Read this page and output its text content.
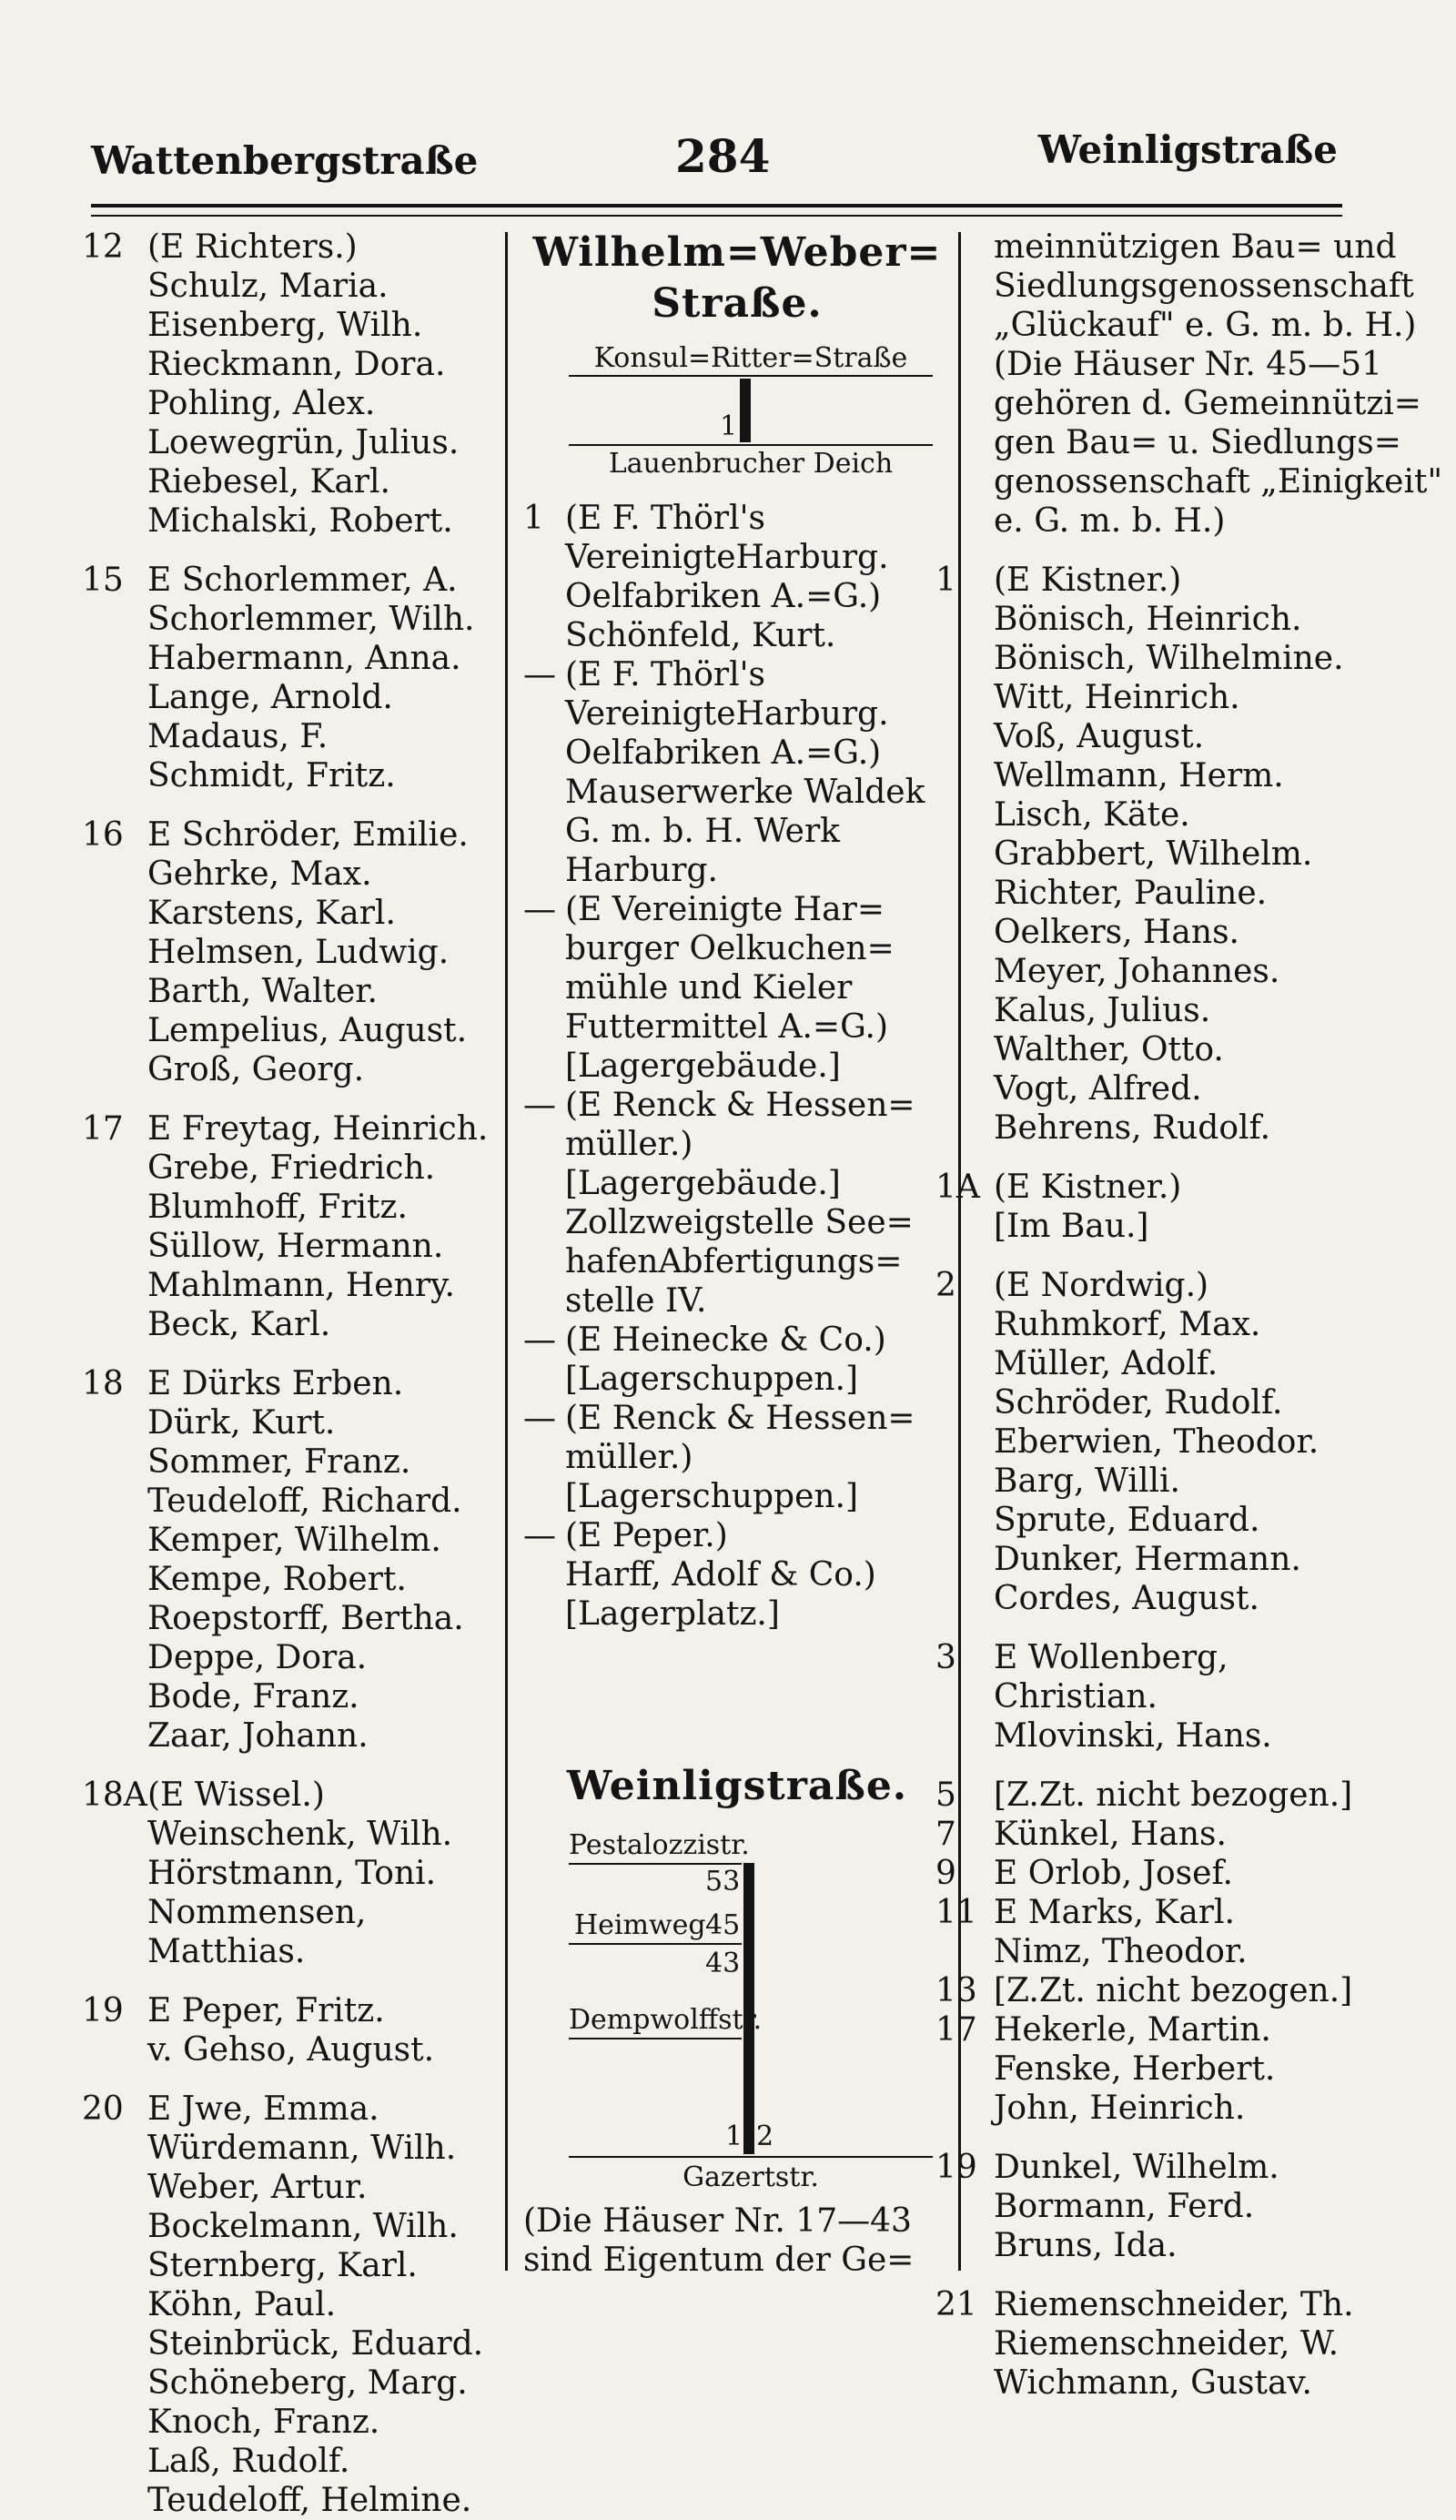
Wattenbergstraße	284	Weinligstraße
12 (E Richters.)
Schulz, Maria.
Eisenberg, Wilh.
Rieckmann, Dora.
Pohling, Alex.
Loewegrün, Julius.
Riebesel, Karl.
Michalski, Robert.
15 E Schorlemmer, A.
Schorlemmer, Wilh.
Habermann, Anna.
Lange, Arnold.
Madaus, F.
Schmidt, Fritz.
16 E Schröder, Emilie.
Gehrke, Max.
Karstens, Karl.
Helmsen, Ludwig.
Barth, Walter.
Lempelius, August.
Groß, Georg.
17 E Freytag, Heinrich.
Grebe, Friedrich.
Blumhoff, Fritz.
Süllow, Hermann.
Mahlmann, Henry.
Beck, Karl.
18 E Dürks Erben.
Dürk, Kurt.
Sommer, Franz.
Teudeloff, Richard.
Kemper, Wilhelm.
Kempe, Robert.
Roepstorff, Bertha.
Deppe, Dora.
Bode, Franz.
Zaar, Johann.
18A (E Wissel.)
Weinschenk, Wilh.
Hörstmann, Toni.
Nommensen,
Matthias.
19 E Peper, Fritz.
v. Gehso, August.
20 E Jwe, Emma.
Würdemann, Wilh.
Weber, Artur.
Bockelmann, Wilh.
Sternberg, Karl.
Köhn, Paul.
Steinbrück, Eduard.
Schöneberg, Marg.
Knoch, Franz.
Laß, Rudolf.
Teudeloff, Helmine.
Wilhelm=Weber=
Straße.
Konsul=Ritter=Straße
1
Lauenbrucher Deich
1 (E F. Thörl's
VereinigteHarburg.
Oelfabriken A.=G.)
Schönfeld, Kurt.
— (E F. Thörl's
VereinigteHarburg.
Oelfabriken A.=G.)
Mauserwerke Waldek
G. m. b. H. Werk
Harburg.
— (E Vereinigte Har=
burger Oelkuchen=
mühle und Kieler
Futtermittel A.=G.)
[Lagergebäude.]
— (E Renck & Hessen=
müller.)
[Lagergebäude.]
Zollzweigstelle See=
hafenAbfertigungs=
stelle IV.
— (E Heinecke & Co.)
[Lagerschuppen.]
— (E Renck & Hessen=
müller.)
[Lagerschuppen.]
— (E Peper.)
Harff, Adolf & Co.)
[Lagerplatz.]
Weinligstraße.
Pestalozzistr.
53
Heimweg 45
43
Dempwolffstr.
1 2
Gazertstr.
(Die Häuser Nr. 17—43
sind Eigentum der Ge=
meinnützigen Bau= und
Siedlungsgenossenschaft
„Glückauf" e. G. m. b. H.)
(Die Häuser Nr. 45—51
gehören d. Gemeinnützi=
gen Bau= u. Siedlungs=
genossenschaft „Einigkeit"
e. G. m. b. H.)
1 (E Kistner.)
Bönisch, Heinrich.
Bönisch, Wilhelmine.
Witt, Heinrich.
Voß, August.
Wellmann, Herm.
Lisch, Käte.
Grabbert, Wilhelm.
Richter, Pauline.
Oelkers, Hans.
Meyer, Johannes.
Kalus, Julius.
Walther, Otto.
Vogt, Alfred.
Behrens, Rudolf.
1A (E Kistner.)
[Im Bau.]
2 (E Nordwig.)
Ruhmkorf, Max.
Müller, Adolf.
Schröder, Rudolf.
Eberwien, Theodor.
Barg, Willi.
Sprute, Eduard.
Dunker, Hermann.
Cordes, August.
3 E Wollenberg,
Christian.
Mlovinski, Hans.
5 [Z.Zt. nicht bezogen.]
7 Künkel, Hans.
9 E Orlob, Josef.
11 E Marks, Karl.
Nimz, Theodor.
13 [Z.Zt. nicht bezogen.]
17 Hekerle, Martin.
Fenske, Herbert.
John, Heinrich.
19 Dunkel, Wilhelm.
Bormann, Ferd.
Bruns, Ida.
21 Riemenschneider, Th.
Riemenschneider, W.
Wichmann, Gustav.
